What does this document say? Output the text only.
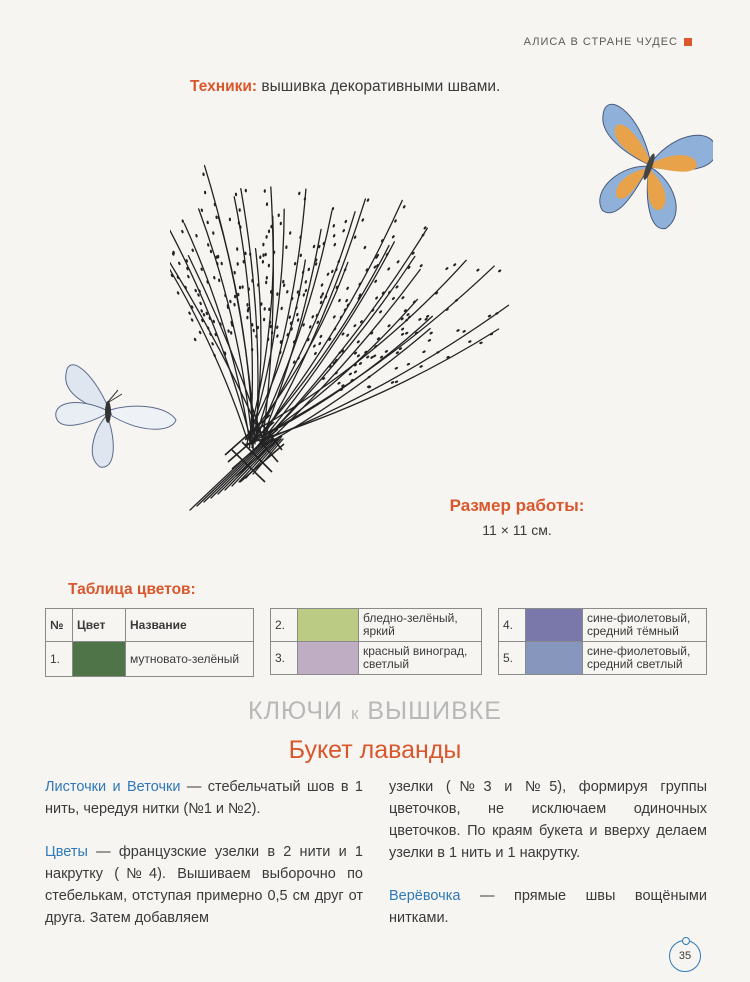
АЛИСА В СТРАНЕ ЧУДЕС
Техники: вышивка декоративными швами.
Размер работы:
11 × 11 см.
Таблица цветов:
№	Цвет	Название
1.		мутновато-зелёный
2.		бледно-зелёный, яркий
3.		красный виноград, светлый
4.		сине-фиолетовый, средний тёмный
5.		сине-фиолетовый, средний светлый
КЛЮЧИ к ВЫШИВКЕ
Букет лаванды

Листочки и Веточки — стебельчатый шов в 1 нить, чередуя нитки (№1 и №2).

Цветы — французские узелки в 2 нити и 1 накрутку (№4). Вышиваем выборочно по стебелькам, отступая примерно 0,5 см друг от друга. Затем добавляем

узелки (№3 и №5), формируя группы цветочков, не исключаем одиночных цветочков. По краям букета и вверху делаем узелки в 1 нить и 1 накрутку.

Верёвочка — прямые швы вощёными нитками.

35
